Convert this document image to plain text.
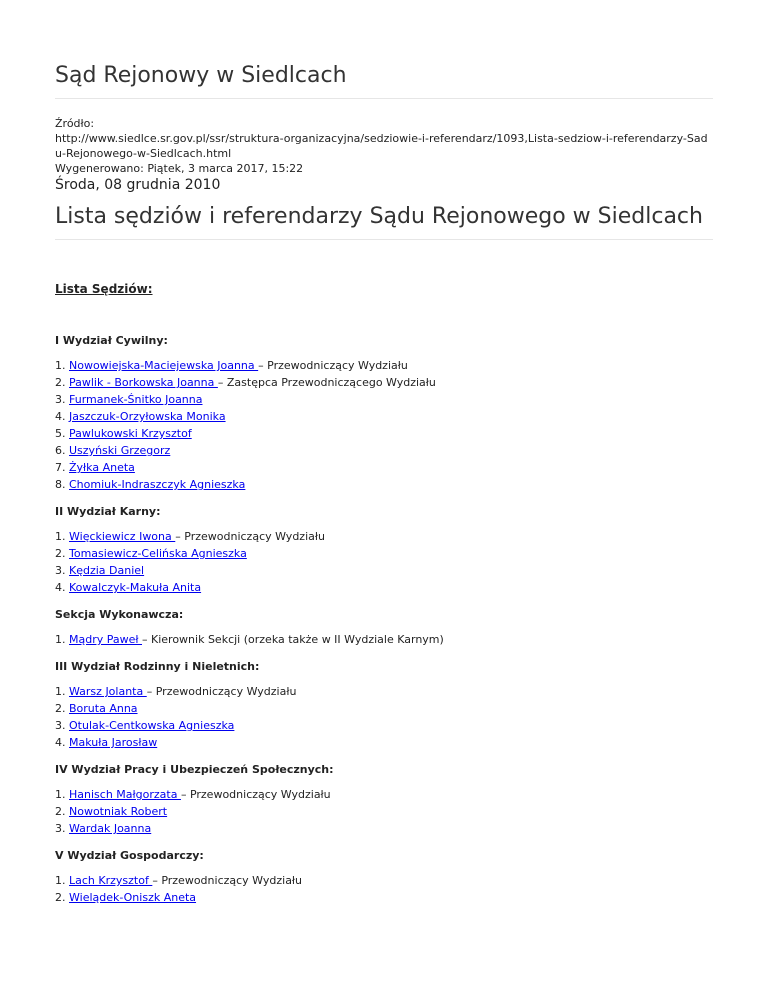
Sąd Rejonowy w Siedlcach
Źródło:
http://www.siedlce.sr.gov.pl/ssr/struktura-organizacyjna/sedziowie-i-referendarz/1093,Lista-sedziow-i-referendarzy-Sadu-Rejonowego-w-Siedlcach.html
Wygenerowano: Piątek, 3 marca 2017, 15:22
Środa, 08 grudnia 2010
Lista sędziów i referendarzy Sądu Rejonowego w Siedlcach

Lista Sędziów:

I Wydział Cywilny:

1. Nowowiejska-Maciejewska Joanna – Przewodniczący Wydziału
2. Pawlik - Borkowska Joanna – Zastępca Przewodniczącego Wydziału
3. Furmanek-Śnitko Joanna
4. Jaszczuk-Orzyłowska Monika
5. Pawlukowski Krzysztof
6. Uszyński Grzegorz
7. Żyłka Aneta
8. Chomiuk-Indraszczyk Agnieszka

II Wydział Karny:

1. Więckiewicz Iwona – Przewodniczący Wydziału
2. Tomasiewicz-Celińska Agnieszka
3. Kędzia Daniel
4. Kowalczyk-Makuła Anita

Sekcja Wykonawcza:

1. Mądry Paweł – Kierownik Sekcji (orzeka także w II Wydziale Karnym)

III Wydział Rodzinny i Nieletnich:

1. Warsz Jolanta – Przewodniczący Wydziału
2. Boruta Anna
3. Otulak-Centkowska Agnieszka
4. Makuła Jarosław

IV Wydział Pracy i Ubezpieczeń Społecznych:

1. Hanisch Małgorzata – Przewodniczący Wydziału
2. Nowotniak Robert
3. Wardak Joanna

V Wydział Gospodarczy:

1. Lach Krzysztof – Przewodniczący Wydziału
2. Wielądek-Oniszk Aneta
